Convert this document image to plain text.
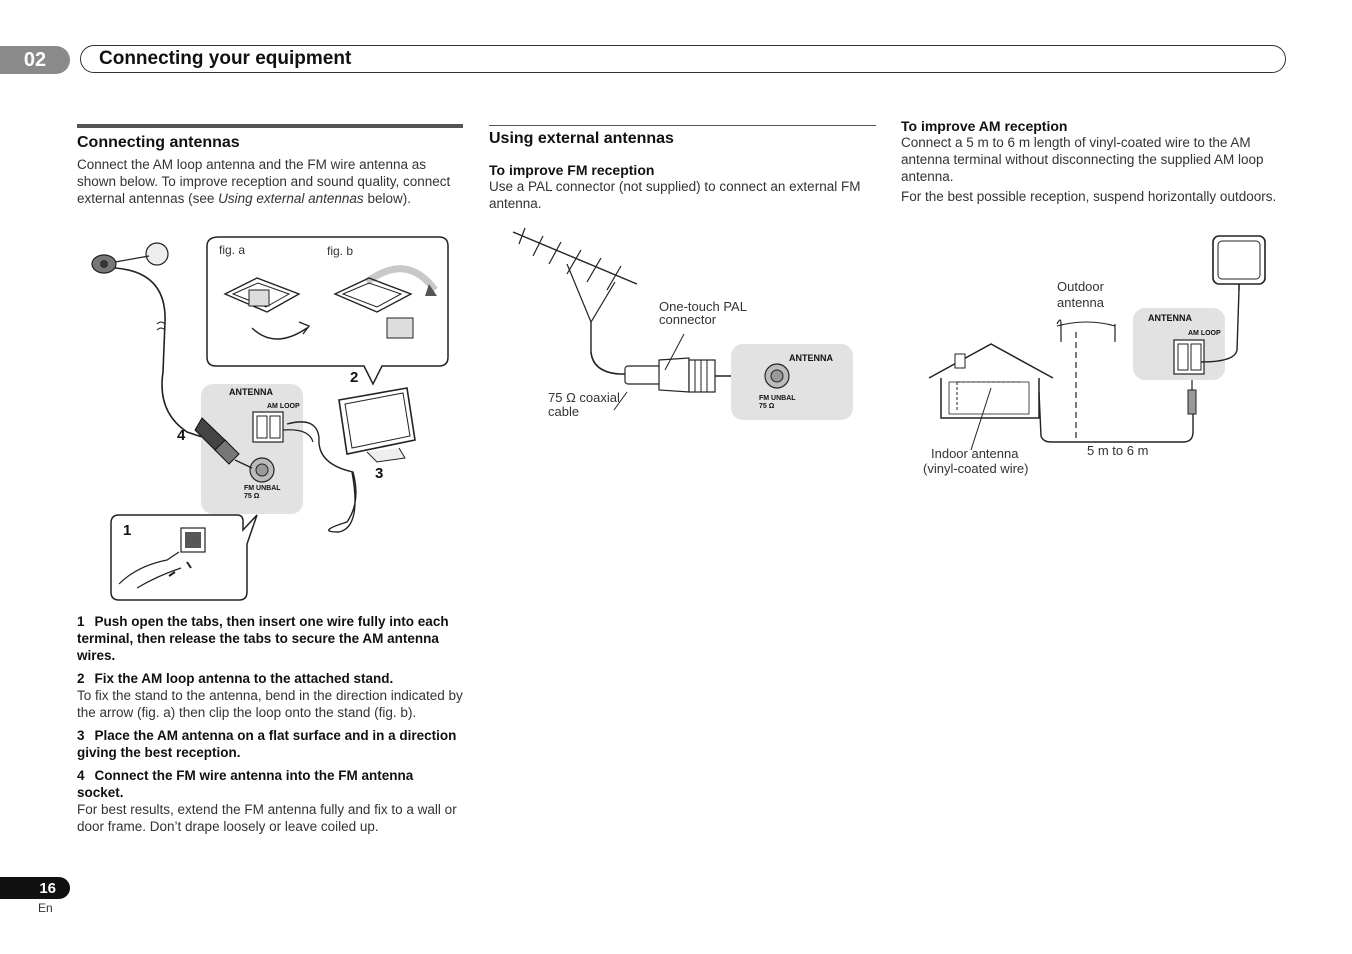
02	Connecting your equipment
Connecting antennas

Connect the AM loop antenna and the FM wire antenna as shown below. To improve reception and sound quality, connect external antennas (see Using external antennas below).

fig. a	fig. b
ANTENNA
AM LOOP
FM UNBAL
75 Ω
2
3
4
1

1 Push open the tabs, then insert one wire fully into each terminal, then release the tabs to secure the AM antenna wires.

2 Fix the AM loop antenna to the attached stand.

To fix the stand to the antenna, bend in the direction indicated by the arrow (fig. a) then clip the loop onto the stand (fig. b).

3 Place the AM antenna on a flat surface and in a direction giving the best reception.

4 Connect the FM wire antenna into the FM antenna socket.

For best results, extend the FM antenna fully and fix to a wall or door frame. Don’t drape loosely or leave coiled up.

Using external antennas
To improve FM reception

Use a PAL connector (not supplied) to connect an external FM antenna.

One-touch PAL
connector
75 Ω coaxial
cable
ANTENNA
FM UNBAL
75 Ω
To improve AM reception

Connect a 5 m to 6 m length of vinyl-coated wire to the AM antenna terminal without disconnecting the supplied AM loop antenna.

For the best possible reception, suspend horizontally outdoors.

Outdoor
antenna
ANTENNA
AM LOOP
Indoor antenna
(vinyl-coated wire)
5 m to 6 m
16
En
